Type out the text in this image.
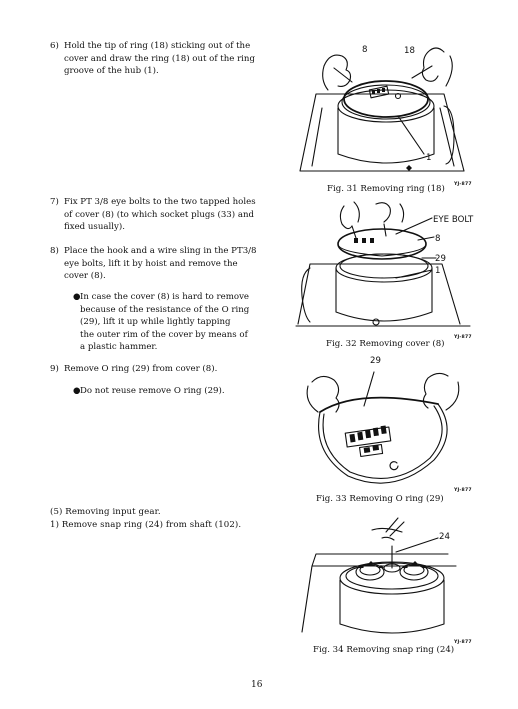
6) Hold the tip of ring (18) sticking out of the
cover and draw the ring (18) out of the ring
groove of the hub (1).
7) Fix PT 3/8 eye bolts to the two tapped holes
of cover (8) (to which socket plugs (33) and
fixed usually).
8) Place the hook and a wire sling in the PT3/8
eye bolts, lift it by hoist and remove the
cover (8).
● In case the cover (8) is hard to remove
because of the resistance of the O ring
(29), lift it up while lightly tapping
the outer rim of the cover by means of
a plastic hammer.
9) Remove O ring (29) from cover (8).
● Do not reuse remove O ring (29).
(5) Removing input gear.
1) Remove snap ring (24) from shaft (102).
8	18
1
Fig. 31 Removing ring (18) YJ-877
EYE BOLT
8
29
1
Fig. 32 Removing cover (8)
YJ-877
29
Fig. 33 Removing O ring (29)
YJ-877
24
Fig. 34 Removing snap ring (24)
YJ-877
16
